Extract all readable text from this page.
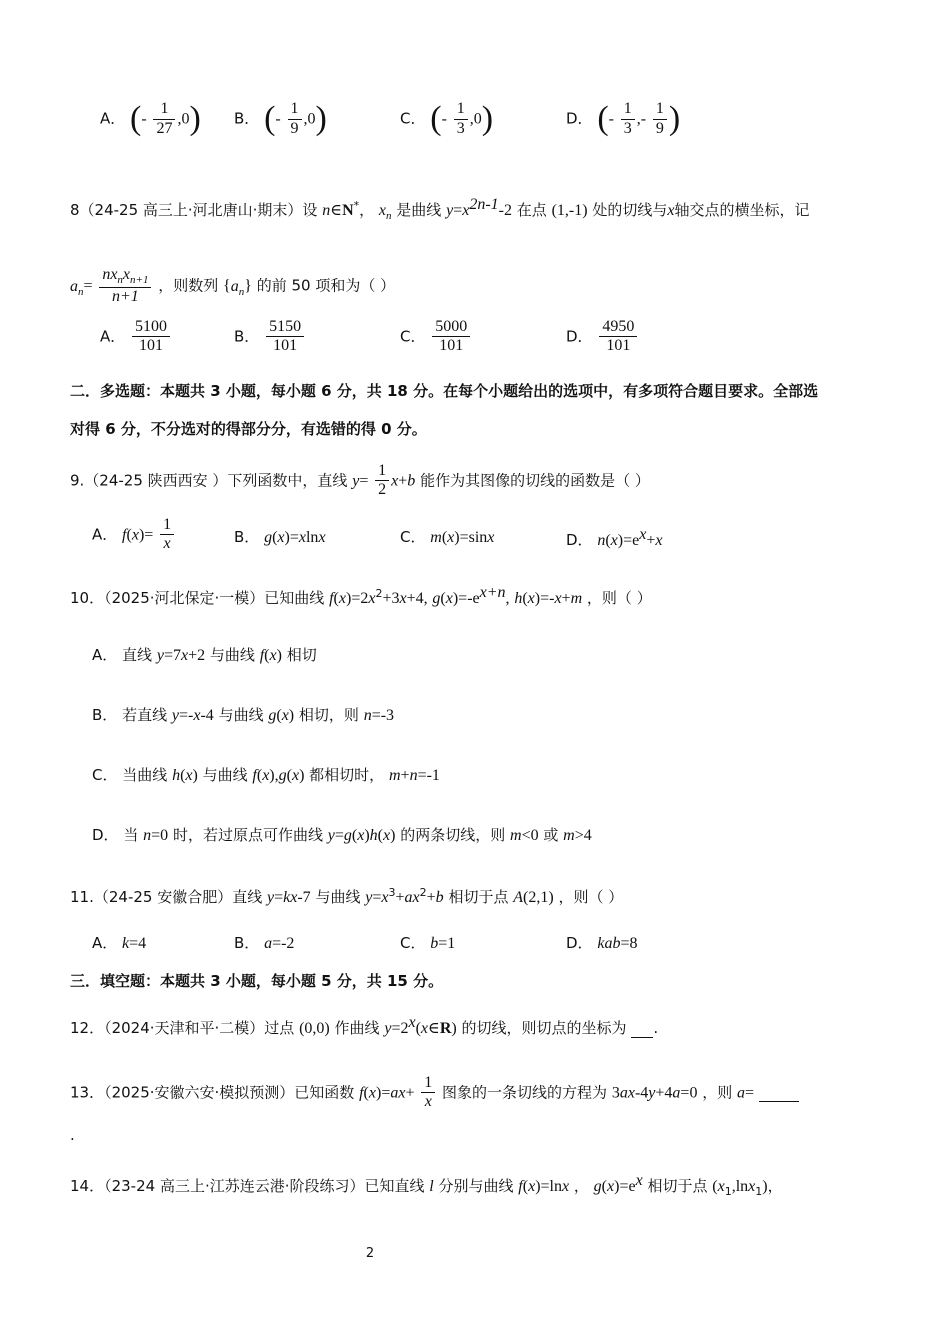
A． (- $\frac{1}{27} ,0$) B． (- $\frac{1}{9} ,0$)	C． (- $\frac{1}{3} ,0$)	D． (- $\frac{1}{3}$ ,- $\frac{1}{9}$ )
8（24-25 高三上·河北唐山·期末）设 n∈N*， $x_n$ 是曲线 $y=x^{2n-1}-2$ 在点 (1,-1) 处的切线与x轴交点的横坐标，记
$a_n= \frac{nx_nx_{n+1}}{n+1}$ ，则数列 $\{a_n\}$ 的前 50 项和为（ ）
A． $\frac{5100}{101}$	B． $\frac{5150}{101}$	C． $\frac{5000}{101}$	D． $\frac{4950}{101}$
二．多选题：本题共 3 小题，每小题 6 分，共 18 分。在每个小题给出的选项中，有多项符合题目要求。全部选
对得 6 分，不分选对的得部分分，有选错的得 0 分。
9.（24-25 陕西西安 ）下列函数中，直线 $y= \frac{1}{2} x+b$ 能作为其图像的切线的函数是（ ）
A． $f(x)= \frac{1}{x}$	B． g(x)=xlnx	C． m(x)=sinx	D． $n(x)=e^x+x$
10．（2025·河北保定·一模）已知曲线 $f(x)=2x^2+3x+4$, $g(x)=-e^{x+n}$, h(x)=-x+m ，则（ ）
A． 直线 y=7x+2 与曲线 f(x) 相切
B． 若直线 y=-x-4 与曲线 g(x) 相切，则 n=-3
C． 当曲线 h(x) 与曲线 f(x),g(x) 都相切时， m+n=-1
D． 当 n=0 时，若过原点可作曲线 y=g(x)h(x) 的两条切线，则 m<0 或 m>4
11.（24-25 安徽合肥）直线 y=kx-7 与曲线 $y=x^3+ax^2+b$ 相切于点 A(2,1) ，则（ ）
A． k=4	B． a=-2	C． b=1	D． kab=8
三．填空题：本题共 3 小题，每小题 5 分，共 15 分。
12．（2024·天津和平·二模）过点 (0,0) 作曲线 $y=2^x(x\in R)$ 的切线，则切点的坐标为 .
13．（2025·安徽六安·模拟预测）已知函数 $f(x)=ax+ \frac{1}{x}$ 图象的一条切线的方程为 3ax-4y+4a=0 ，则 a=
.
14．（23-24 高三上·江苏连云港·阶段练习）已知直线 l 分别与曲线 f(x)=lnx ， $g(x)=e^x$ 相切于点 $(x_1,\ln x_1)$，
2
